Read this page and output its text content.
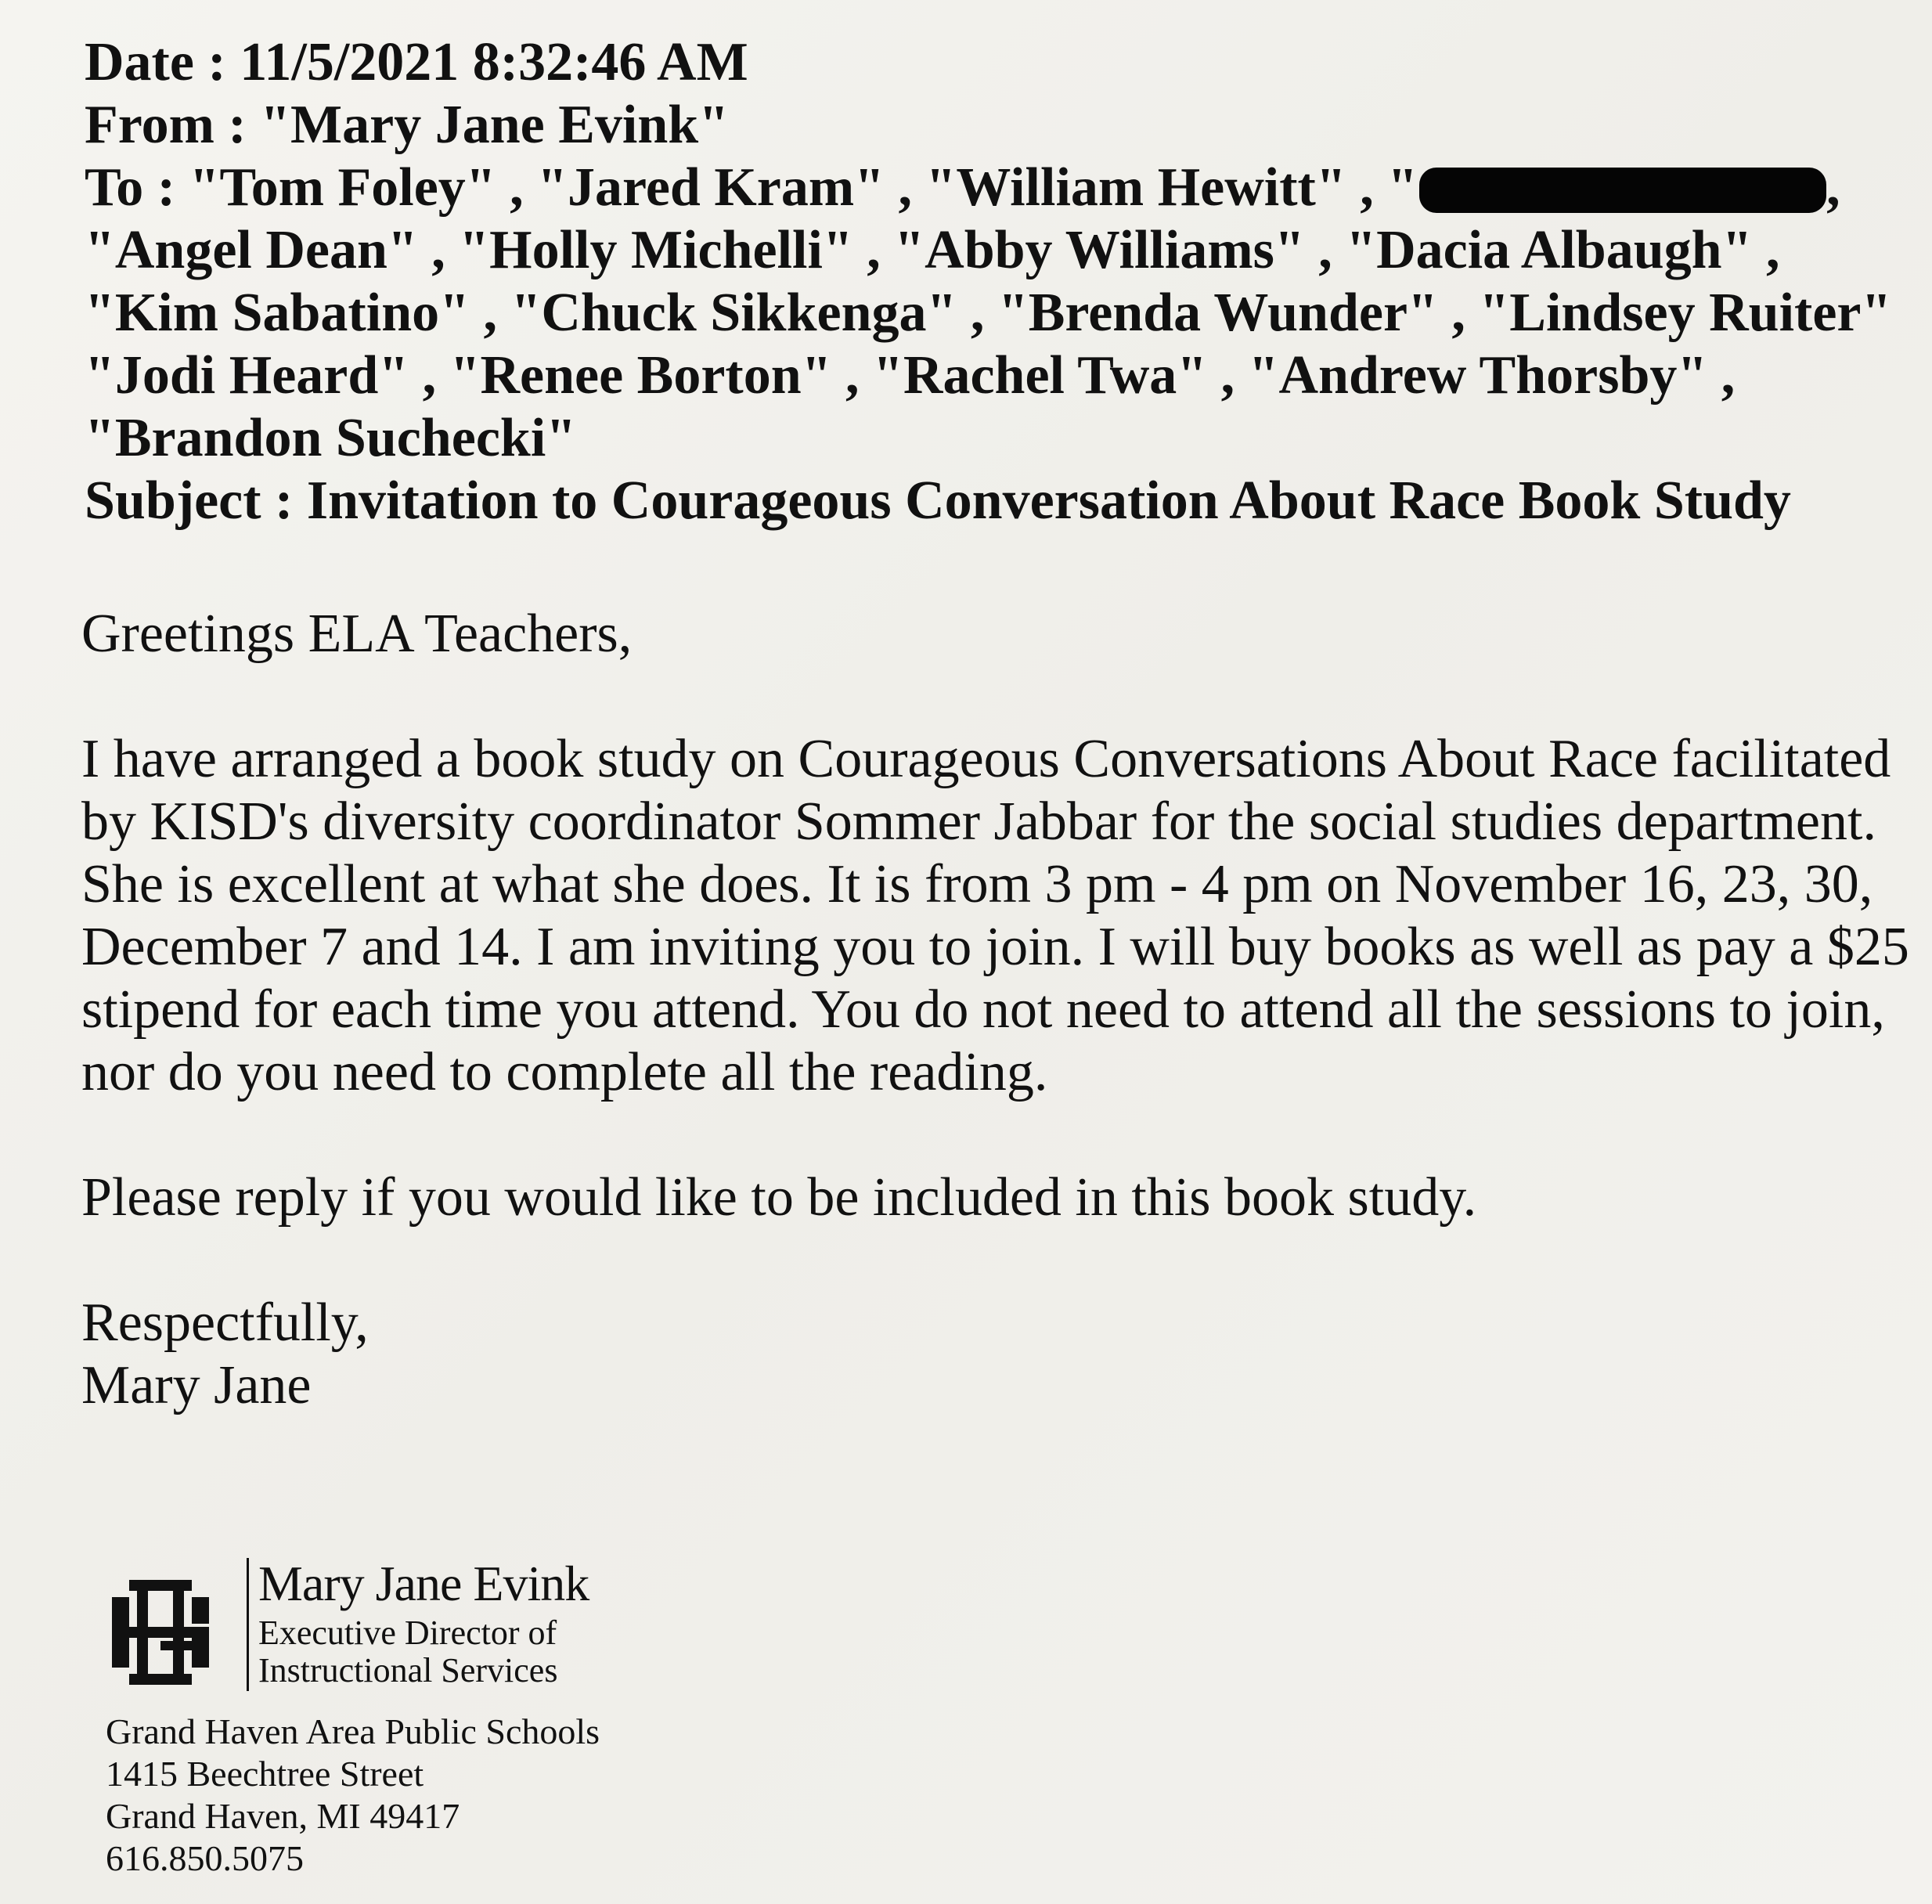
Date : 11/5/2021 8:32:46 AM
From : "Mary Jane Evink"
To : "Tom Foley" , "Jared Kram" , "William Hewitt" , "	,
"Angel Dean" , "Holly Michelli" , "Abby Williams" , "Dacia Albaugh" ,
"Kim Sabatino" , "Chuck Sikkenga" , "Brenda Wunder" , "Lindsey Ruiter"
"Jodi Heard" , "Renee Borton" , "Rachel Twa" , "Andrew Thorsby" ,
"Brandon Suchecki"
Subject : Invitation to Courageous Conversation About Race Book Study

Greetings ELA Teachers,

I have arranged a book study on Courageous Conversations About Race facilitated by KISD's diversity coordinator Sommer Jabbar for the social studies department. She is excellent at what she does. It is from 3 pm - 4 pm on November 16, 23, 30, December 7 and 14. I am inviting you to join. I will buy books as well as pay a $25 stipend for each time you attend. You do not need to attend all the sessions to join, nor do you need to complete all the reading.

Please reply if you would like to be included in this book study.

Respectfully,

Mary Jane

Mary Jane Evink
Executive Director of
Instructional Services
Grand Haven Area Public Schools
1415 Beechtree Street
Grand Haven, MI 49417
616.850.5075
